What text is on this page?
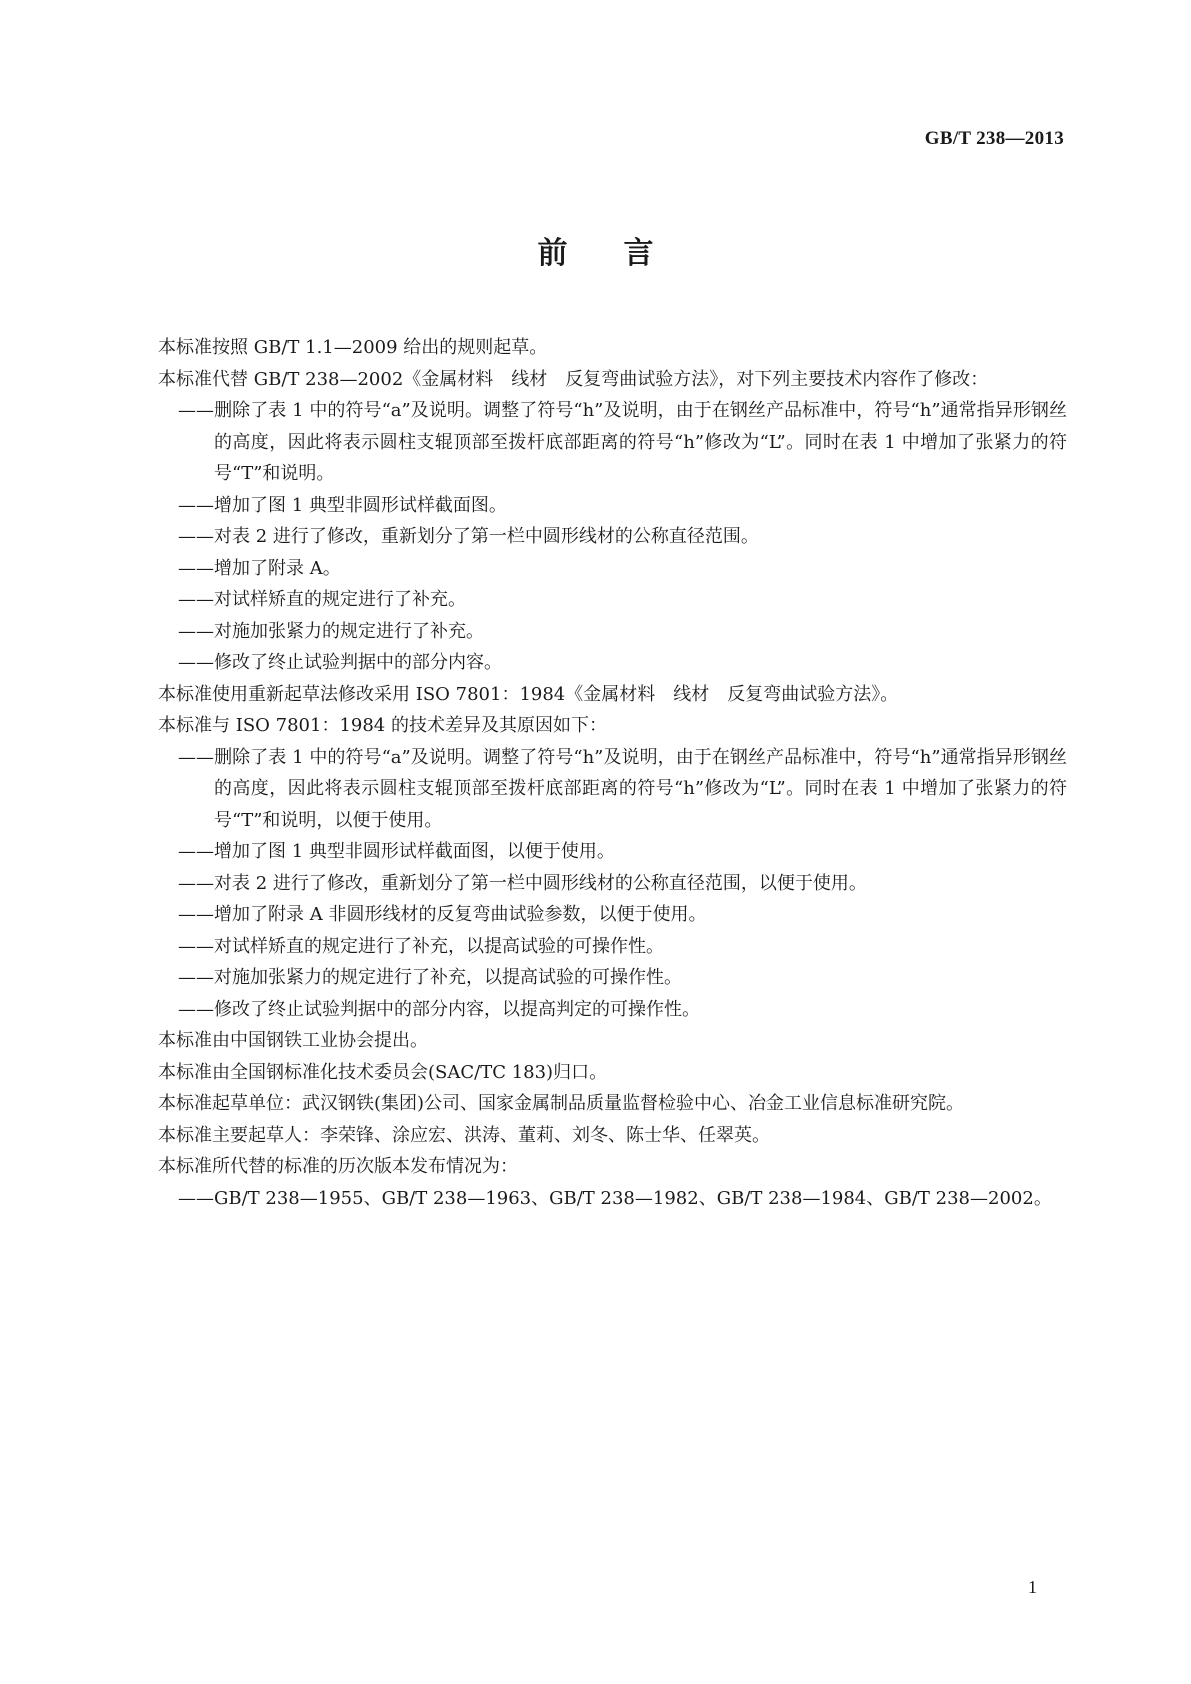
GB/T 238—2013
前言
本标准按照 GB/T 1.1—2009 给出的规则起草。
本标准代替 GB/T 238—2002《金属材料　线材　反复弯曲试验方法》，对下列主要技术内容作了修改：
——删除了表 1 中的符号“a”及说明。调整了符号“h”及说明，由于在钢丝产品标准中，符号“h”通常指异形钢丝的高度，因此将表示圆柱支辊顶部至拨杆底部距离的符号“h”修改为“L”。同时在表 1 中增加了张紧力的符号“T”和说明。
——增加了图 1 典型非圆形试样截面图。
——对表 2 进行了修改，重新划分了第一栏中圆形线材的公称直径范围。
——增加了附录 A。
——对试样矫直的规定进行了补充。
——对施加张紧力的规定进行了补充。
——修改了终止试验判据中的部分内容。
本标准使用重新起草法修改采用 ISO 7801：1984《金属材料　线材　反复弯曲试验方法》。
本标准与 ISO 7801：1984 的技术差异及其原因如下：
——删除了表 1 中的符号“a”及说明。调整了符号“h”及说明，由于在钢丝产品标准中，符号“h”通常指异形钢丝的高度，因此将表示圆柱支辊顶部至拨杆底部距离的符号“h”修改为“L”。同时在表 1 中增加了张紧力的符号“T”和说明，以便于使用。
——增加了图 1 典型非圆形试样截面图，以便于使用。
——对表 2 进行了修改，重新划分了第一栏中圆形线材的公称直径范围，以便于使用。
——增加了附录 A 非圆形线材的反复弯曲试验参数，以便于使用。
——对试样矫直的规定进行了补充，以提高试验的可操作性。
——对施加张紧力的规定进行了补充，以提高试验的可操作性。
——修改了终止试验判据中的部分内容，以提高判定的可操作性。
本标准由中国钢铁工业协会提出。
本标准由全国钢标准化技术委员会(SAC/TC 183)归口。
本标准起草单位：武汉钢铁(集团)公司、国家金属制品质量监督检验中心、冶金工业信息标准研究院。
本标准主要起草人：李荣锋、涂应宏、洪涛、董莉、刘冬、陈士华、任翠英。
本标准所代替的标准的历次版本发布情况为：
——GB/T 238—1955、GB/T 238—1963、GB/T 238—1982、GB/T 238—1984、GB/T 238—2002。
1
